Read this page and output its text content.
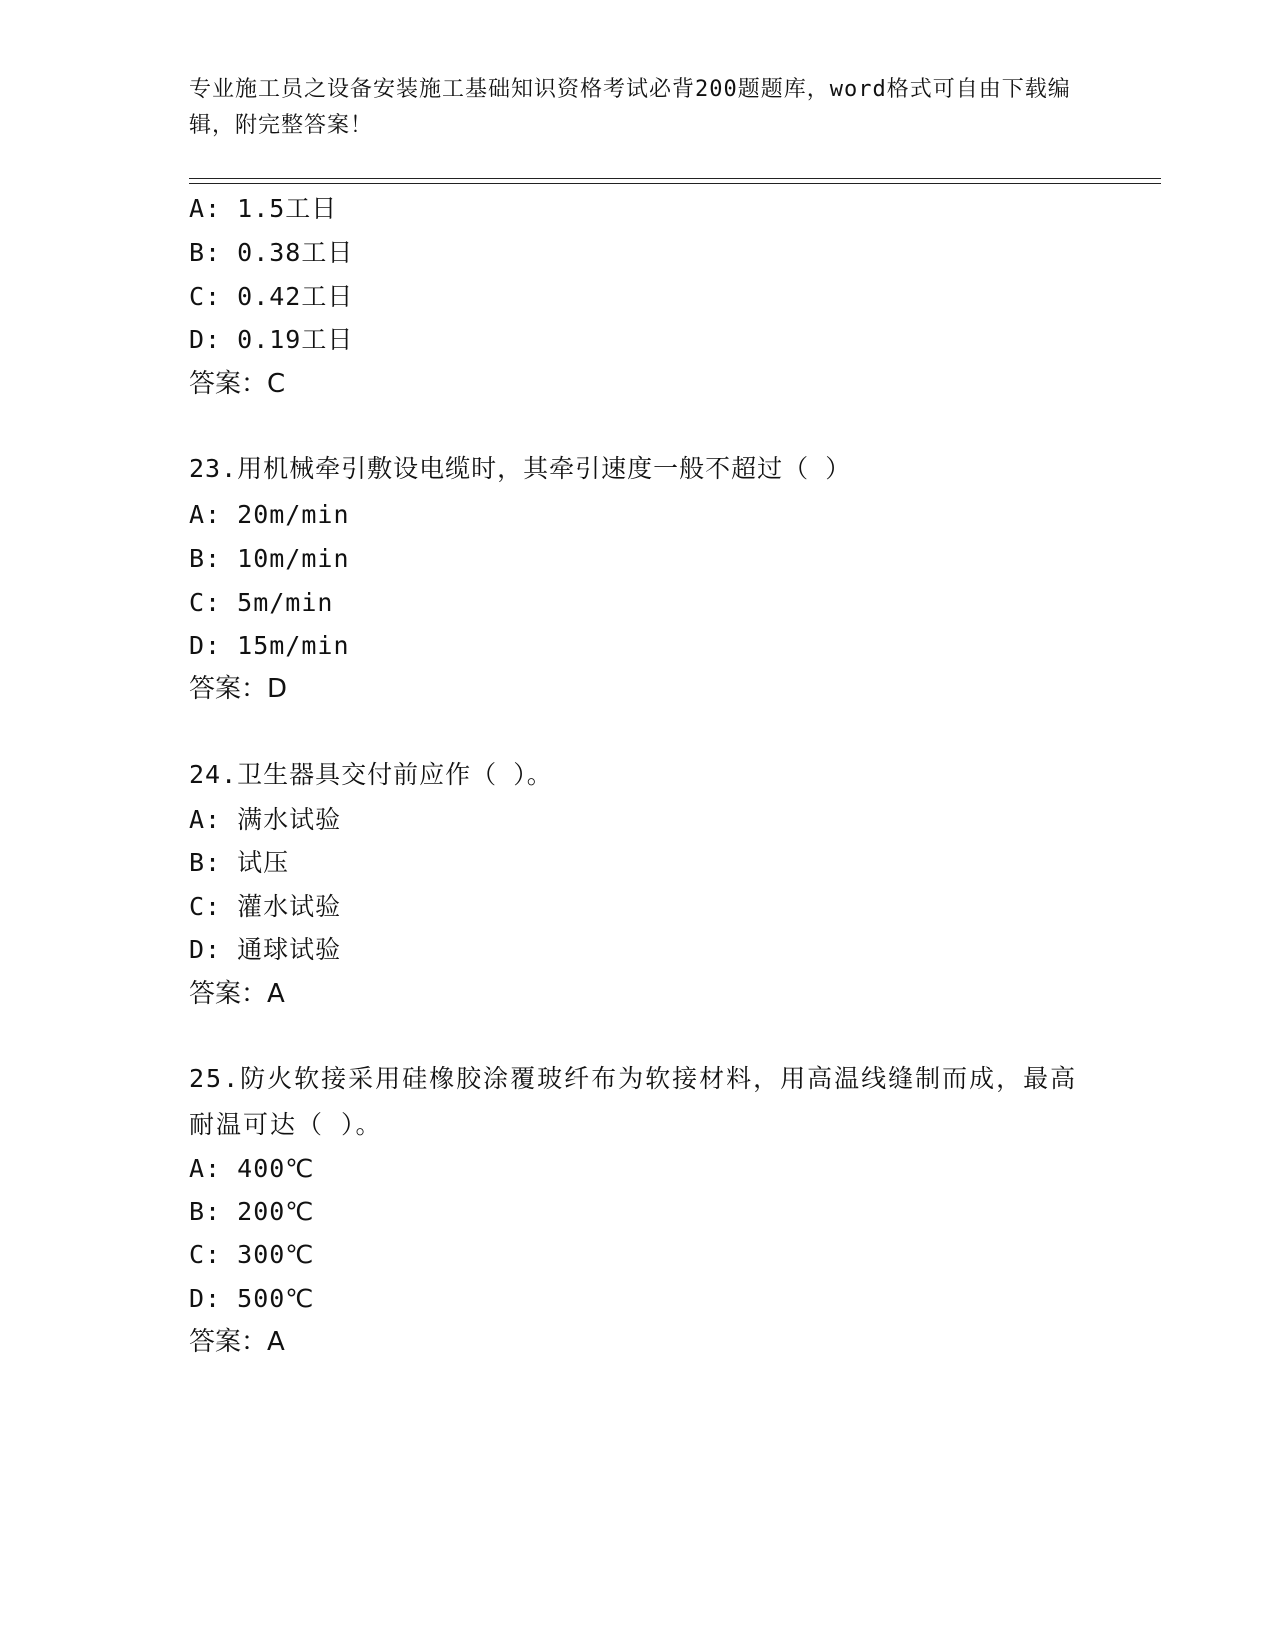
专业施工员之设备安装施工基础知识资格考试必背200题题库，word格式可自由下载编辑，附完整答案！
A: 1.5工日
B: 0.38工日
C: 0.42工日
D: 0.19工日
答案：C
23.用机械牵引敷设电缆时，其牵引速度一般不超过（ ）
A: 20m/min
B: 10m/min
C: 5m/min
D: 15m/min
答案：D
24.卫生器具交付前应作（ ）。
A: 满水试验
B: 试压
C: 灌水试验
D: 通球试验
答案：A
25.防火软接采用硅橡胶涂覆玻纤布为软接材料，用高温线缝制而成，最高耐温可达（ ）。
A: 400℃
B: 200℃
C: 300℃
D: 500℃
答案：A
